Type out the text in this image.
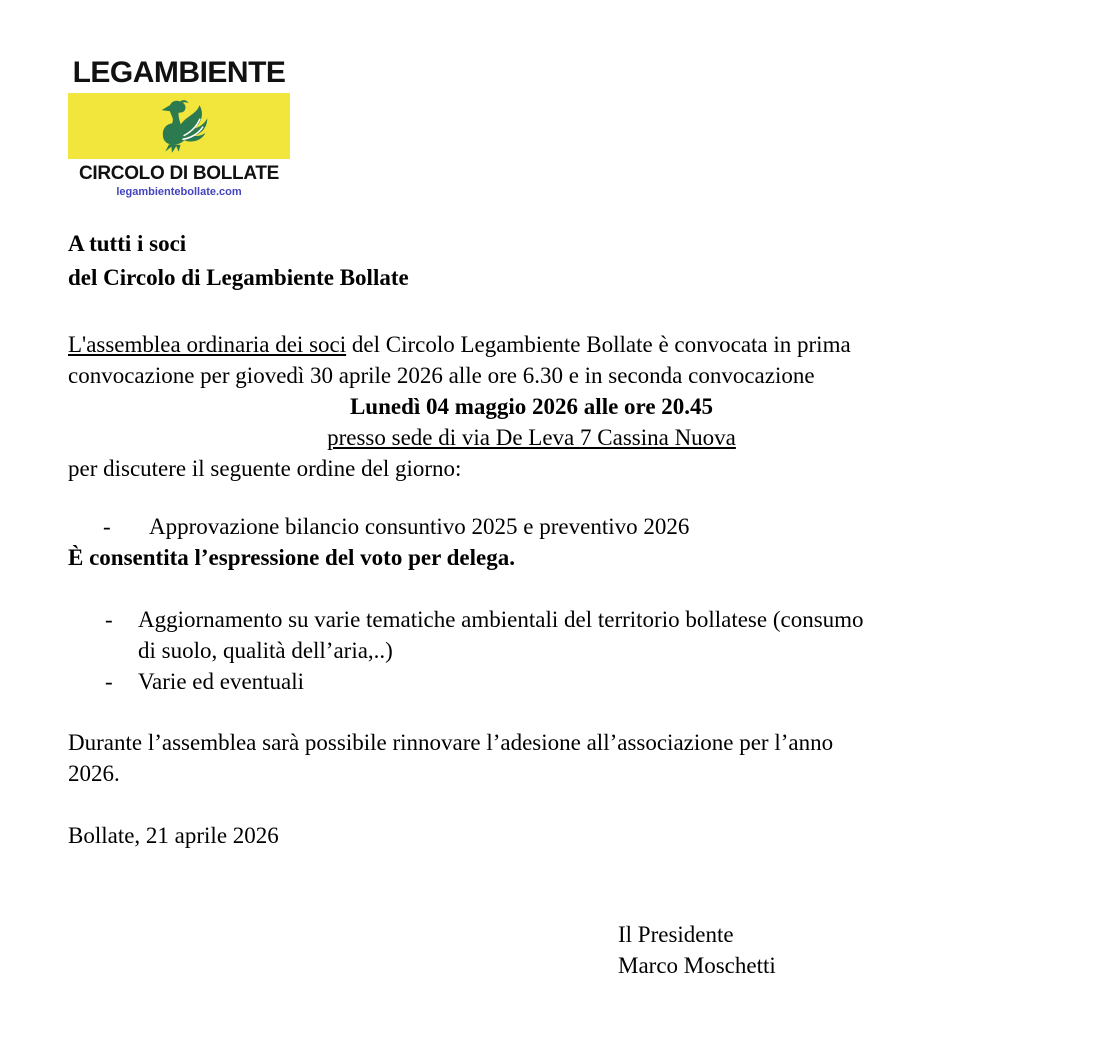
LEGAMBIENTE
CIRCOLO DI BOLLATE
legambientebollate.com
A tutti i soci
del Circolo di Legambiente Bollate
L'assemblea ordinaria dei soci del Circolo Legambiente Bollate è convocata in prima
convocazione per giovedì 30 aprile 2026 alle ore 6.30 e in seconda convocazione
Lunedì 04 maggio 2026 alle ore 20.45
presso sede di via De Leva 7 Cassina Nuova
per discutere il seguente ordine del giorno:
-	Approvazione bilancio consuntivo 2025 e preventivo 2026
È consentita l’espressione del voto per delega.
-	Aggiornamento su varie tematiche ambientali del territorio bollatese (consumo
di suolo, qualità dell’aria,..)
-	Varie ed eventuali
Durante l’assemblea sarà possibile rinnovare l’adesione all’associazione per l’anno
2026.
Bollate, 21 aprile 2026
Il Presidente
Marco Moschetti
